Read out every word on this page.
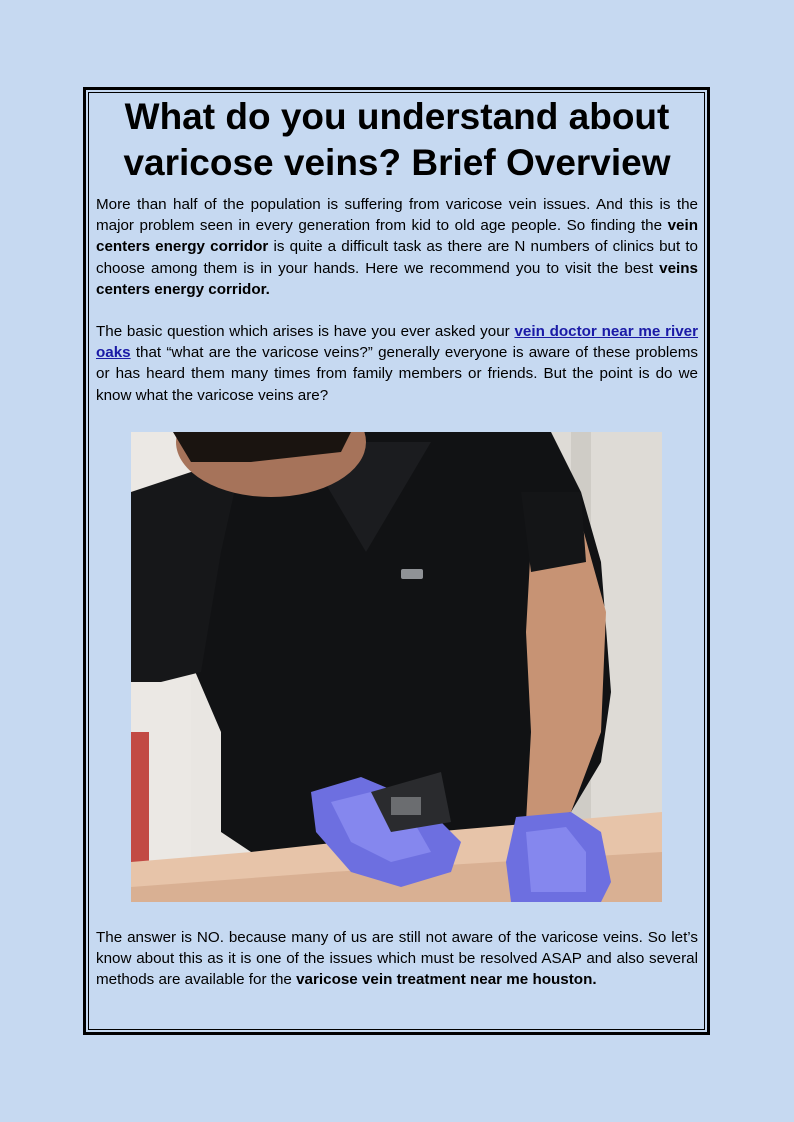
What do you understand about varicose veins? Brief Overview

More than half of the population is suffering from varicose vein issues. And this is the major problem seen in every generation from kid to old age people. So finding the vein centers energy corridor is quite a difficult task as there are N numbers of clinics but to choose among them is in your hands. Here we recommend you to visit the best veins centers energy corridor.

The basic question which arises is have you ever asked your vein doctor near me river oaks that “what are the varicose veins?” generally everyone is aware of these problems or has heard them many times from family members or friends. But the point is do we know what the varicose veins are?

The answer is NO. because many of us are still not aware of the varicose veins. So let’s know about this as it is one of the issues which must be resolved ASAP and also several methods are available for the varicose vein treatment near me houston.
